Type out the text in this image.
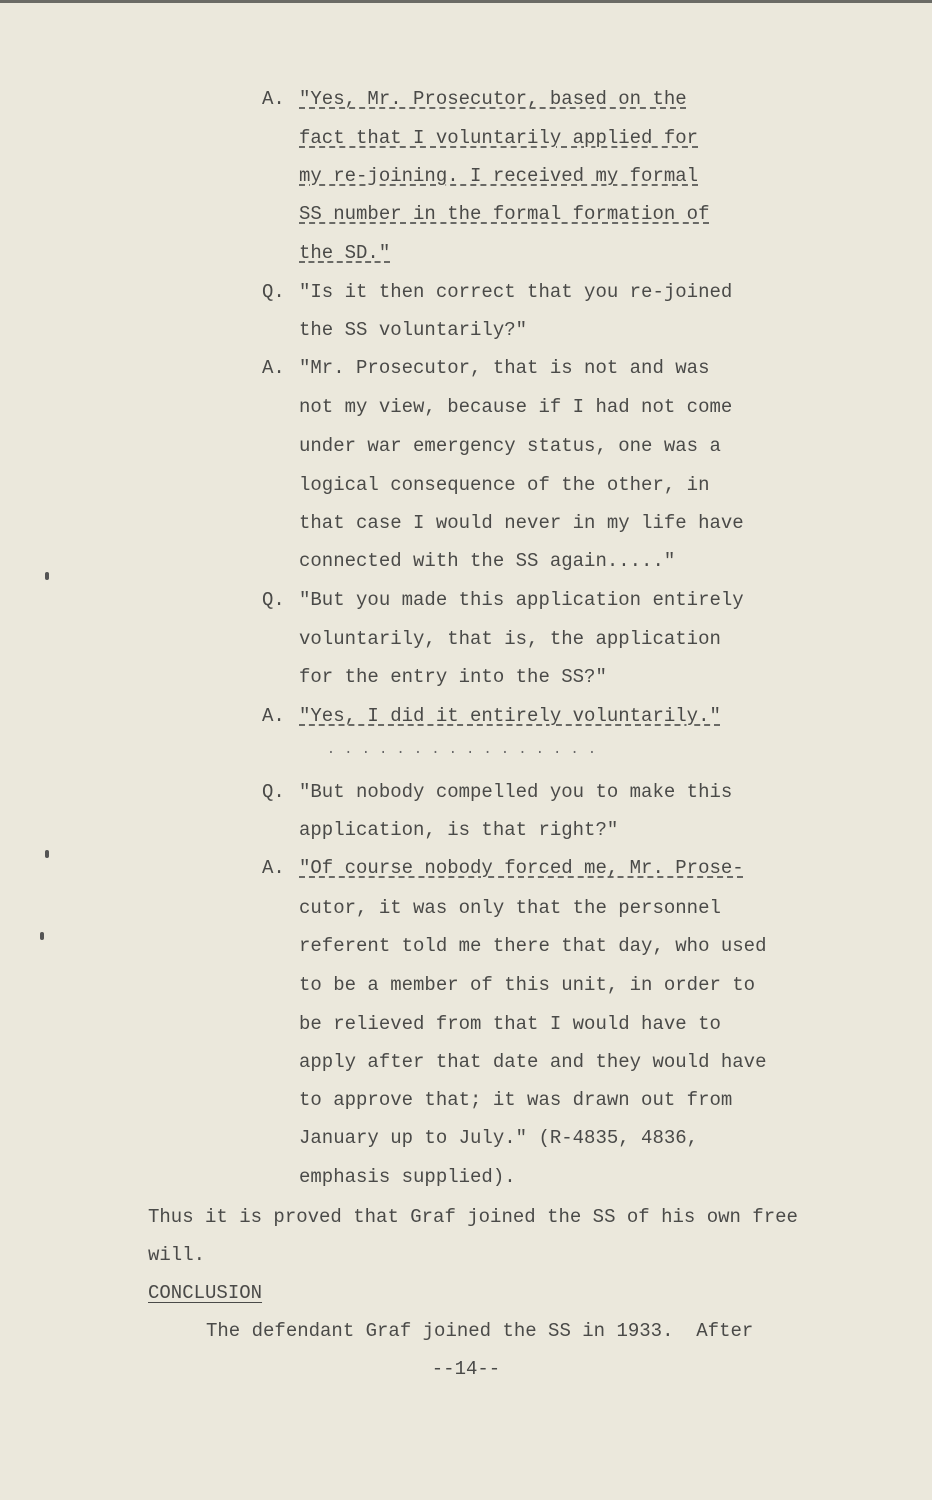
A. "Yes, Mr. Prosecutor, based on the
fact that I voluntarily applied for
my re-joining. I received my formal
SS number in the formal formation of
the SD."
Q. "Is it then correct that you re-joined
the SS voluntarily?"
A. "Mr. Prosecutor, that is not and was
not my view, because if I had not come
under war emergency status, one was a
logical consequence of the other, in
that case I would never in my life have
connected with the SS again....."
Q. "But you made this application entirely
voluntarily, that is, the application
for the entry into the SS?"
A. "Yes, I did it entirely voluntarily."
Q. "But nobody compelled you to make this
application, is that right?"
A. "Of course nobody forced me, Mr. Prose-
cutor, it was only that the personnel
referent told me there that day, who used
to be a member of this unit, in order to
be relieved from that I would have to
apply after that date and they would have
to approve that; it was drawn out from
January up to July." (R-4835, 4836,
emphasis supplied).
................
Thus it is proved that Graf joined the SS of his own free
will.
CONCLUSION
The defendant Graf joined the SS in 1933.  After
--14--
